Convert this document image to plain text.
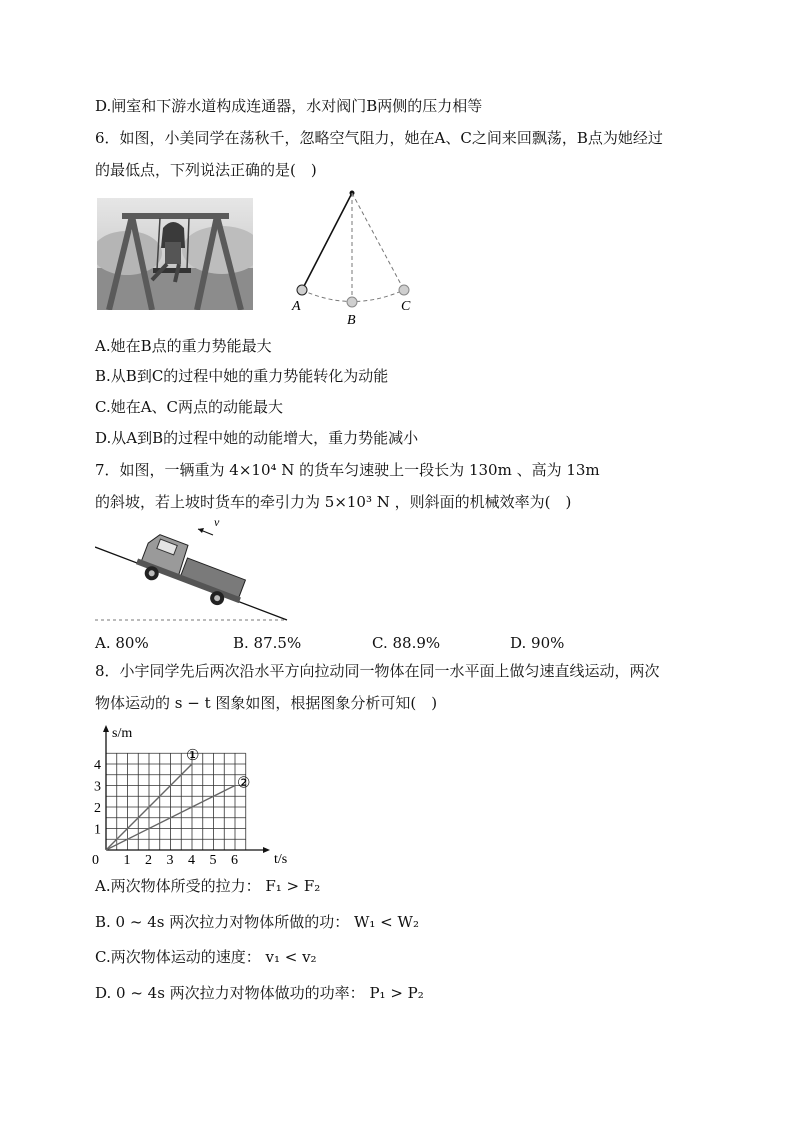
D.闸室和下游水道构成连通器，水对阀门B两侧的压力相等
6．如图，小美同学在荡秋千，忽略空气阻力，她在A、C之间来回飘荡，B点为她经过
的最低点，下列说法正确的是(　)
A
B
C
A.她在B点的重力势能最大
B.从B到C的过程中她的重力势能转化为动能
C.她在A、C两点的动能最大
D.从A到B的过程中她的动能增大，重力势能减小
7．如图，一辆重为 4×10⁴ N 的货车匀速驶上一段长为 130m 、高为 13m
的斜坡，若上坡时货车的牵引力为 5×10³ N ，则斜面的机械效率为(　)
v
A. 80%	B. 87.5%	C. 88.9%	D. 90%
8．小宇同学先后两次沿水平方向拉动同一物体在同一水平面上做匀速直线运动，两次
物体运动的 s − t 图象如图，根据图象分析可知(　)
0 1 2 3 4 5 6
1
2
3
4
①
②
s/m
t/s
A.两次物体所受的拉力： F₁ > F₂
B. 0 ~ 4s 两次拉力对物体所做的功： W₁ < W₂
C.两次物体运动的速度： v₁ < v₂
D. 0 ~ 4s 两次拉力对物体做功的功率： P₁ > P₂
